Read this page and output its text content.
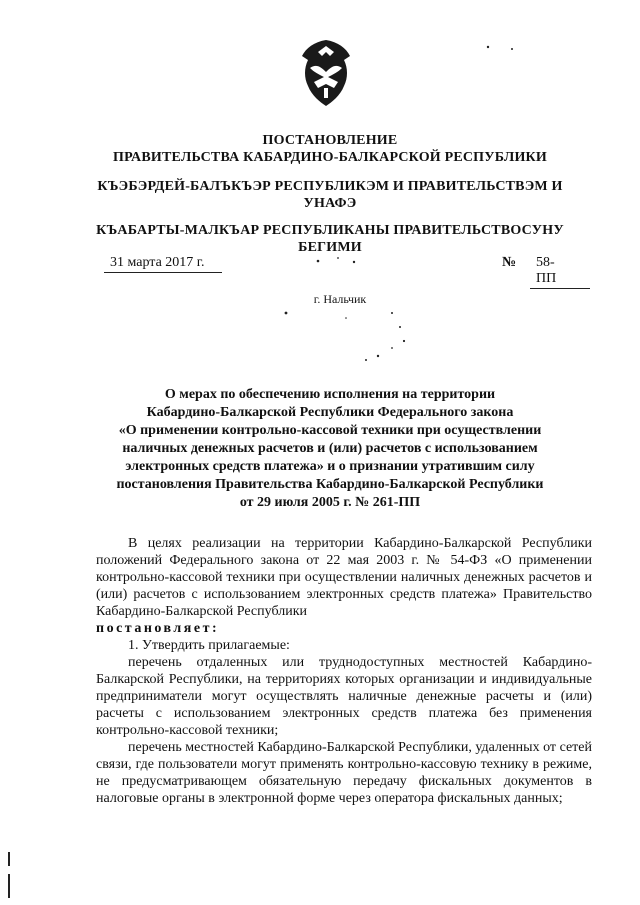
ПОСТАНОВЛЕНИЕ
ПРАВИТЕЛЬСТВА КАБАРДИНО-БАЛКАРСКОЙ РЕСПУБЛИКИ
КЪЭБЭРДЕЙ-БАЛЪКЪЭР РЕСПУБЛИКЭМ И ПРАВИТЕЛЬСТВЭМ И
УНАФЭ
КЪАБАРТЫ-МАЛКЪАР РЕСПУБЛИКАНЫ ПРАВИТЕЛЬСТВОСУНУ
БЕГИМИ
31 марта 2017 г.	№	58-ПП
г. Нальчик
О мерах по обеспечению исполнения на территории
Кабардино-Балкарской Республики Федерального закона
«О применении контрольно-кассовой техники при осуществлении
наличных денежных расчетов и (или) расчетов с использованием
электронных средств платежа» и о признании утратившим силу
постановления Правительства Кабардино-Балкарской Республики
от 29 июля 2005 г. № 261-ПП

В целях реализации на территории Кабардино-Балкарской Республики положений Федерального закона от 22 мая 2003 г. № 54-ФЗ «О применении контрольно-кассовой техники при осуществлении наличных денежных расчетов и (или) расчетов с использованием электронных средств платежа» Правительство Кабардино-Балкарской Республики
постановляет:

1. Утвердить прилагаемые:

перечень отдаленных или труднодоступных местностей Кабардино-Балкарской Республики, на территориях которых организации и индивидуальные предприниматели могут осуществлять наличные денежные расчеты и (или) расчеты с использованием электронных средств платежа без применения контрольно-кассовой техники;

перечень местностей Кабардино-Балкарской Республики, удаленных от сетей связи, где пользователи могут применять контрольно-кассовую технику в режиме, не предусматривающем обязательную передачу фискальных документов в налоговые органы в электронной форме через оператора фискальных данных;
